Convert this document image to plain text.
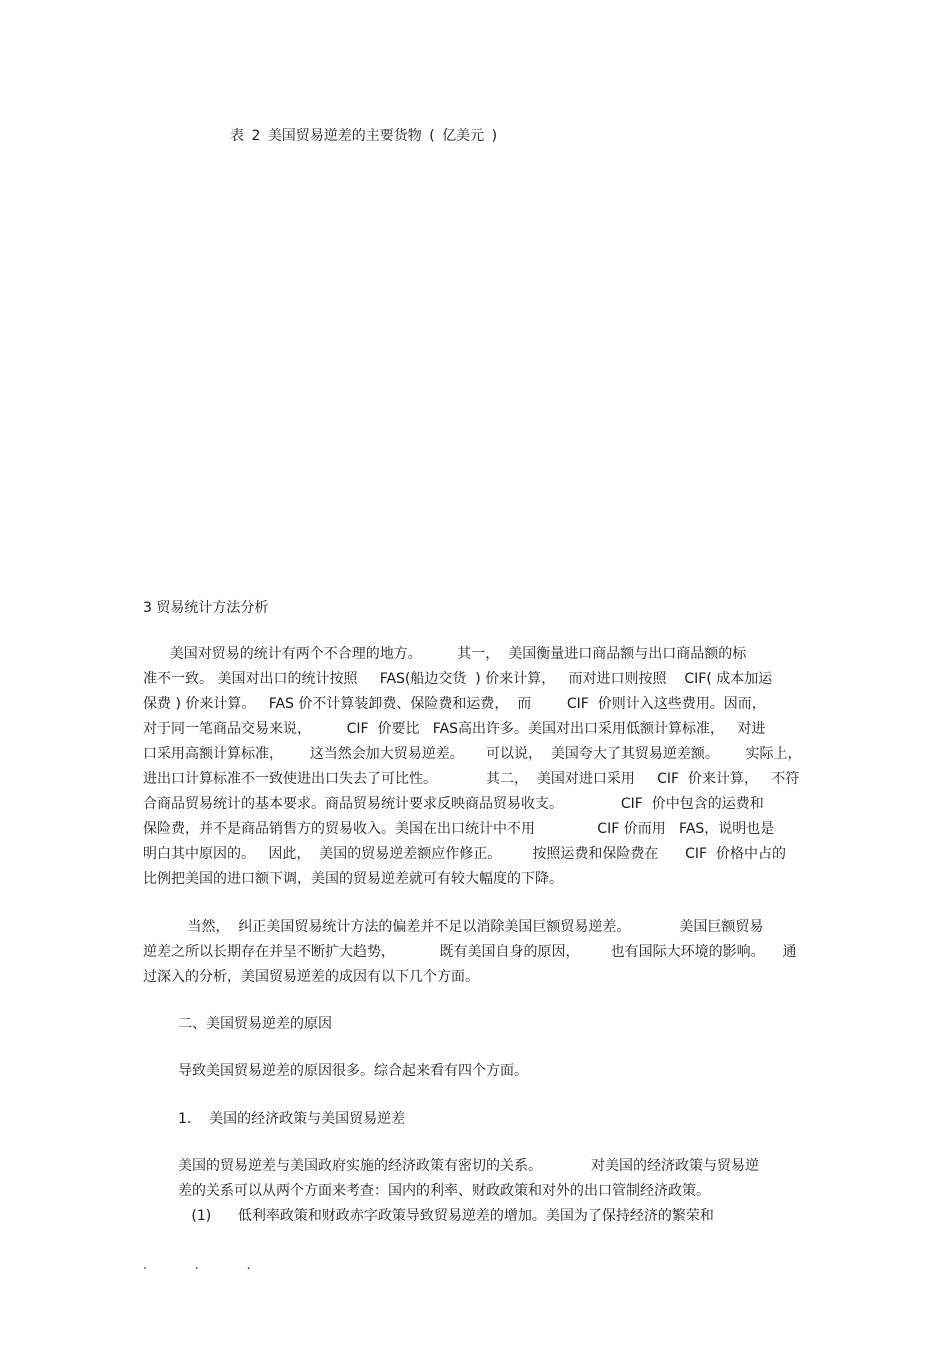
表 2 美国贸易逆差的主要货物 ( 亿美元 )
3 贸易统计方法分析
美国对贸易的统计有两个不合理的地方。        其一，  美国衡量进口商品额与出口商品额的标
准不一致。 美国对出口的统计按照     FAS(船边交货  ) 价来计算，   而对进口则按照    CIF( 成本加运
保费 ) 价来计算。   FAS 价不计算装卸费、保险费和运费，  而        CIF  价则计入这些费用。因而，
对于同一笔商品交易来说，        CIF  价要比   FAS高出许多。美国对出口采用低额计算标准，   对进
口采用高额计算标准，      这当然会加大贸易逆差。     可以说，  美国夸大了其贸易逆差额。      实际上，
进出口计算标准不一致使进出口失去了可比性。           其二，  美国对进口采用     CIF  价来计算，   不符
合商品贸易统计的基本要求。商品贸易统计要求反映商品贸易收支。             CIF  价中包含的运费和
保险费，并不是商品销售方的贸易收入。美国在出口统计中不用              CIF 价而用   FAS，说明也是
明白其中原因的。   因此，  美国的贸易逆差额应作修正。       按照运费和保险费在      CIF  价格中占的
比例把美国的进口额下调，美国的贸易逆差就可有较大幅度的下降。
当然，  纠正美国贸易统计方法的偏差并不足以消除美国巨额贸易逆差。           美国巨额贸易
逆差之所以长期存在并呈不断扩大趋势，          既有美国自身的原因，       也有国际大环境的影响。    通
过深入的分析，美国贸易逆差的成因有以下几个方面。
二、美国贸易逆差的原因
导致美国贸易逆差的原因很多。综合起来看有四个方面。
1.    美国的经济政策与美国贸易逆差
美国的贸易逆差与美国政府实施的经济政策有密切的关系。           对美国的经济政策与贸易逆
差的关系可以从两个方面来考查：国内的利率、财政政策和对外的出口管制经济政策。
(1)      低利率政策和财政赤字政策导致贸易逆差的增加。美国为了保持经济的繁荣和
...
